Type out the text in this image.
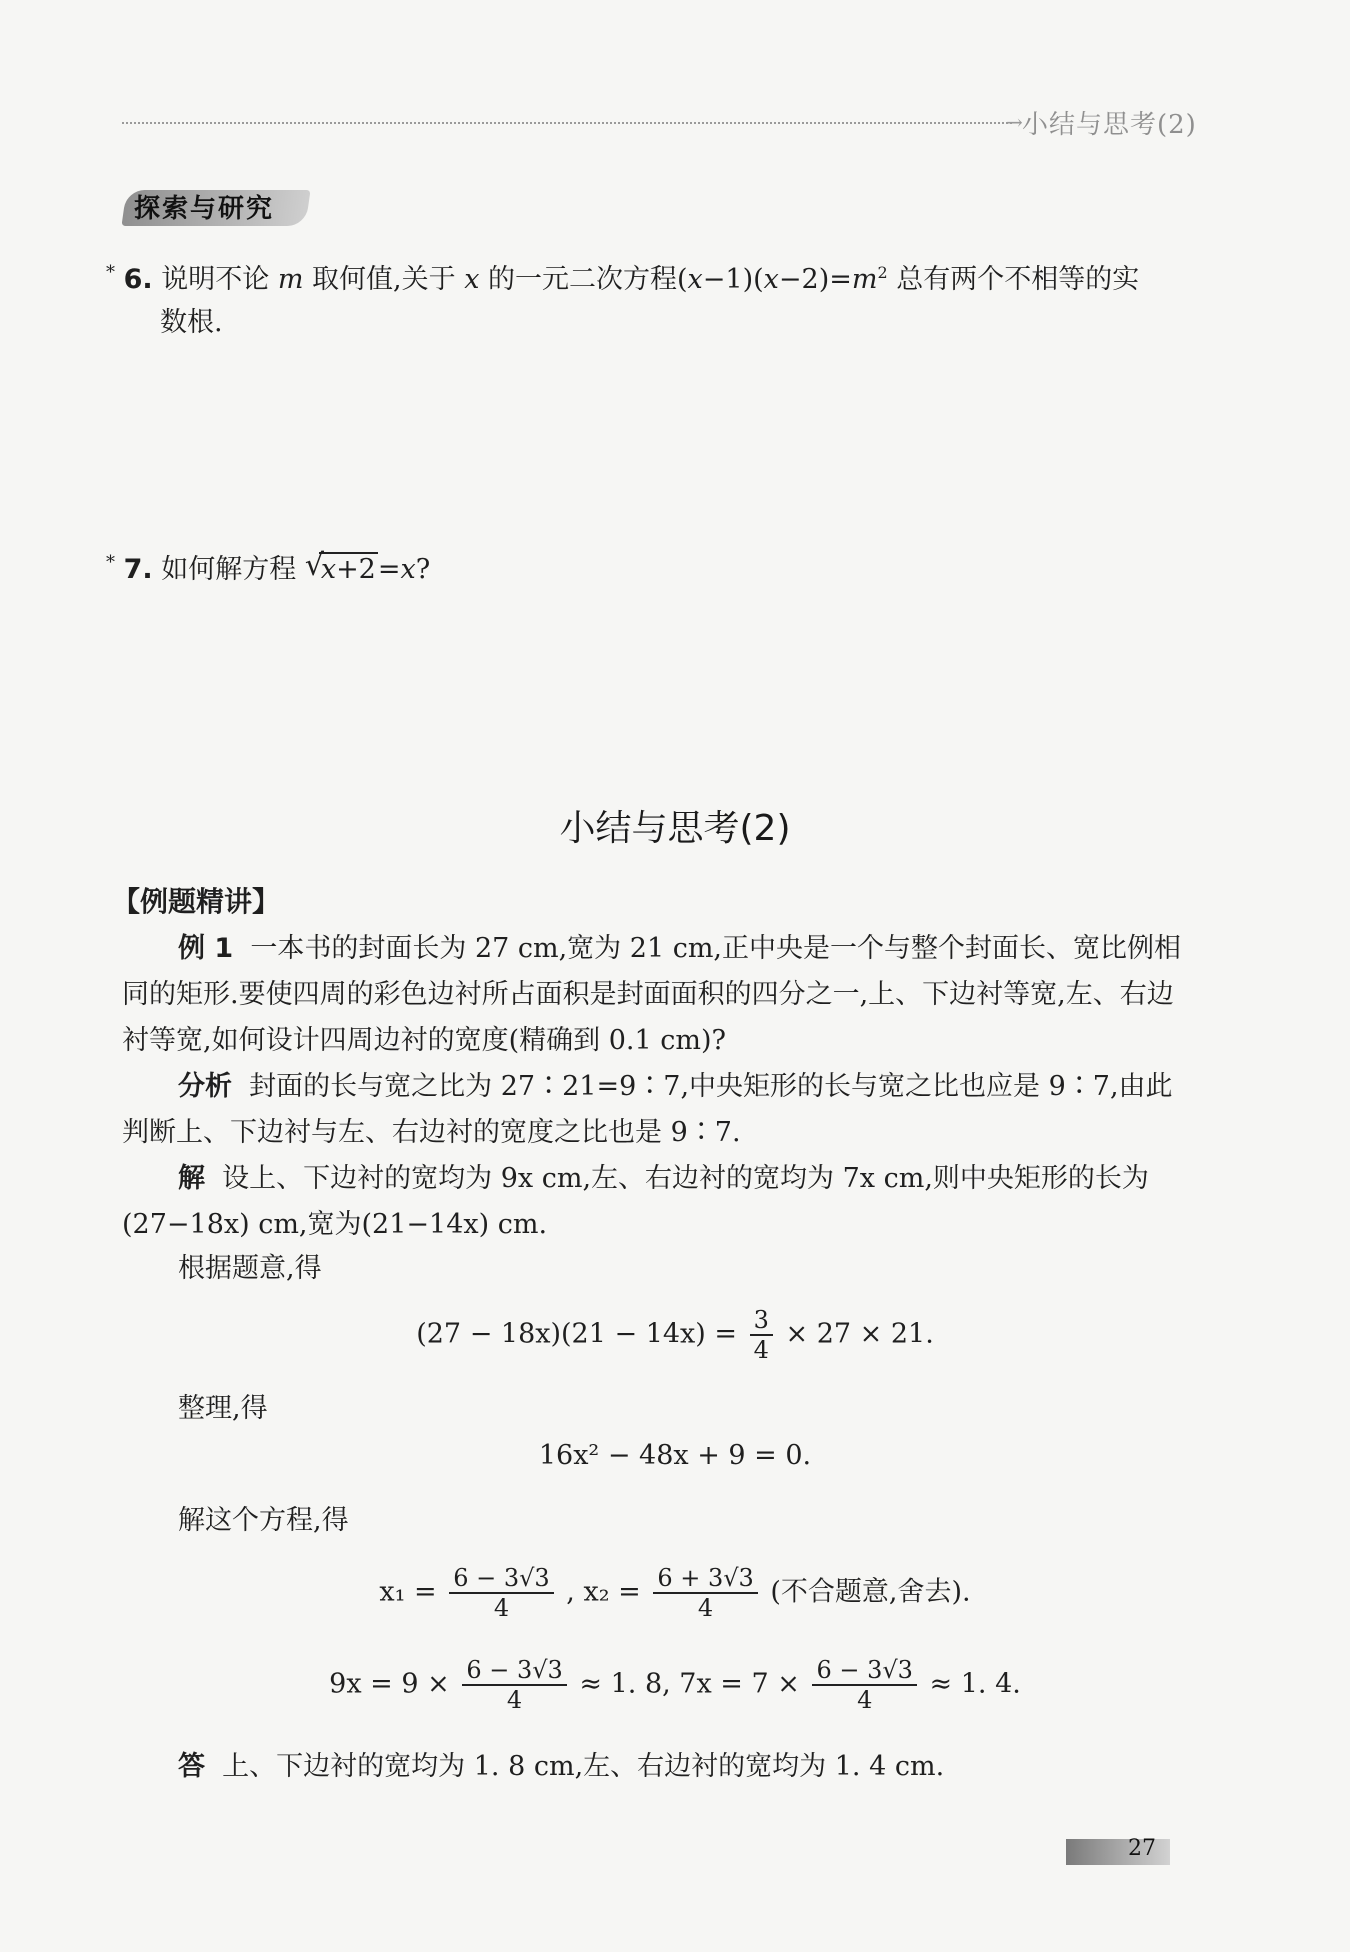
→ 小结与思考(2)
探索与研究
* 6. 说明不论 m 取何值,关于 x 的一元二次方程$(x-1)(x-2)=m^2$ 总有两个不相等的实
数根.
* 7. 如何解方程 √
x+2=x?
小结与思考(2)
【例题精讲】
例 1 一本书的封面长为 27 cm,宽为 21 cm,正中央是一个与整个封面长、宽比例相同的矩形.要使四周的彩色边衬所占面积是封面面积的四分之一,上、下边衬等宽,左、右边衬等宽,如何设计四周边衬的宽度(精确到 0.1 cm)?
分析 封面的长与宽之比为 27∶21=9∶7,中央矩形的长与宽之比也应是 9∶7,由此判断上、下边衬与左、右边衬的宽度之比也是 9∶7.
解 设上、下边衬的宽均为 9x cm,左、右边衬的宽均为 7x cm,则中央矩形的长为(27−18x) cm,宽为(21−14x) cm.
根据题意,得
$(27 - 18x)(21 - 14x) = \frac{3}{4} \times 27 \times 21$.
整理,得
16x² − 48x + 9 = 0.
解这个方程,得
$x_1 = \frac{6 - 3√3}{4}$ , $x_2 = \frac{6 + 3√3}{4}$ (不合题意,舍去).
$9x = 9 \times \frac{6 - 3√3}{4} \approx 1$. 8, $7x = 7 \times \frac{6 - 3√3}{4} \approx 1$. 4.
答 上、下边衬的宽均为 1. 8 cm,左、右边衬的宽均为 1. 4 cm.
27
